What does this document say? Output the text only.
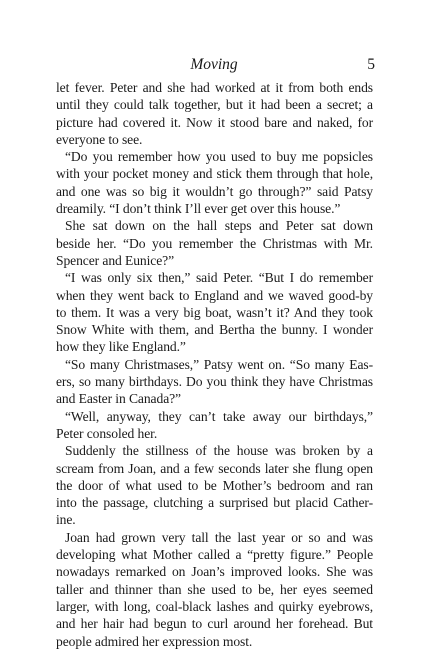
Moving	5
let fever. Peter and she had worked at it from both ends
until they could talk together, but it had been a secret; a
picture had covered it. Now it stood bare and naked, for
everyone to see.
“Do you remember how you used to buy me popsicles
with your pocket money and stick them through that hole,
and one was so big it wouldn’t go through?” said Patsy
dreamily. “I don’t think I’ll ever get over this house.”
She sat down on the hall steps and Peter sat down
beside her. “Do you remember the Christmas with Mr.
Spencer and Eunice?”
“I was only six then,” said Peter. “But I do remember
when they went back to England and we waved good-by
to them. It was a very big boat, wasn’t it? And they took
Snow White with them, and Bertha the bunny. I wonder
how they like England.”
“So many Christmases,” Patsy went on. “So many Eas-
ers, so many birthdays. Do you think they have Christmas
and Easter in Canada?”
“Well, anyway, they can’t take away our birthdays,”
Peter consoled her.
Suddenly the stillness of the house was broken by a
scream from Joan, and a few seconds later she flung open
the door of what used to be Mother’s bedroom and ran
into the passage, clutching a surprised but placid Cather-
ine.
Joan had grown very tall the last year or so and was
developing what Mother called a “pretty figure.” People
nowadays remarked on Joan’s improved looks. She was
taller and thinner than she used to be, her eyes seemed
larger, with long, coal-black lashes and quirky eyebrows,
and her hair had begun to curl around her forehead. But
people admired her expression most.
